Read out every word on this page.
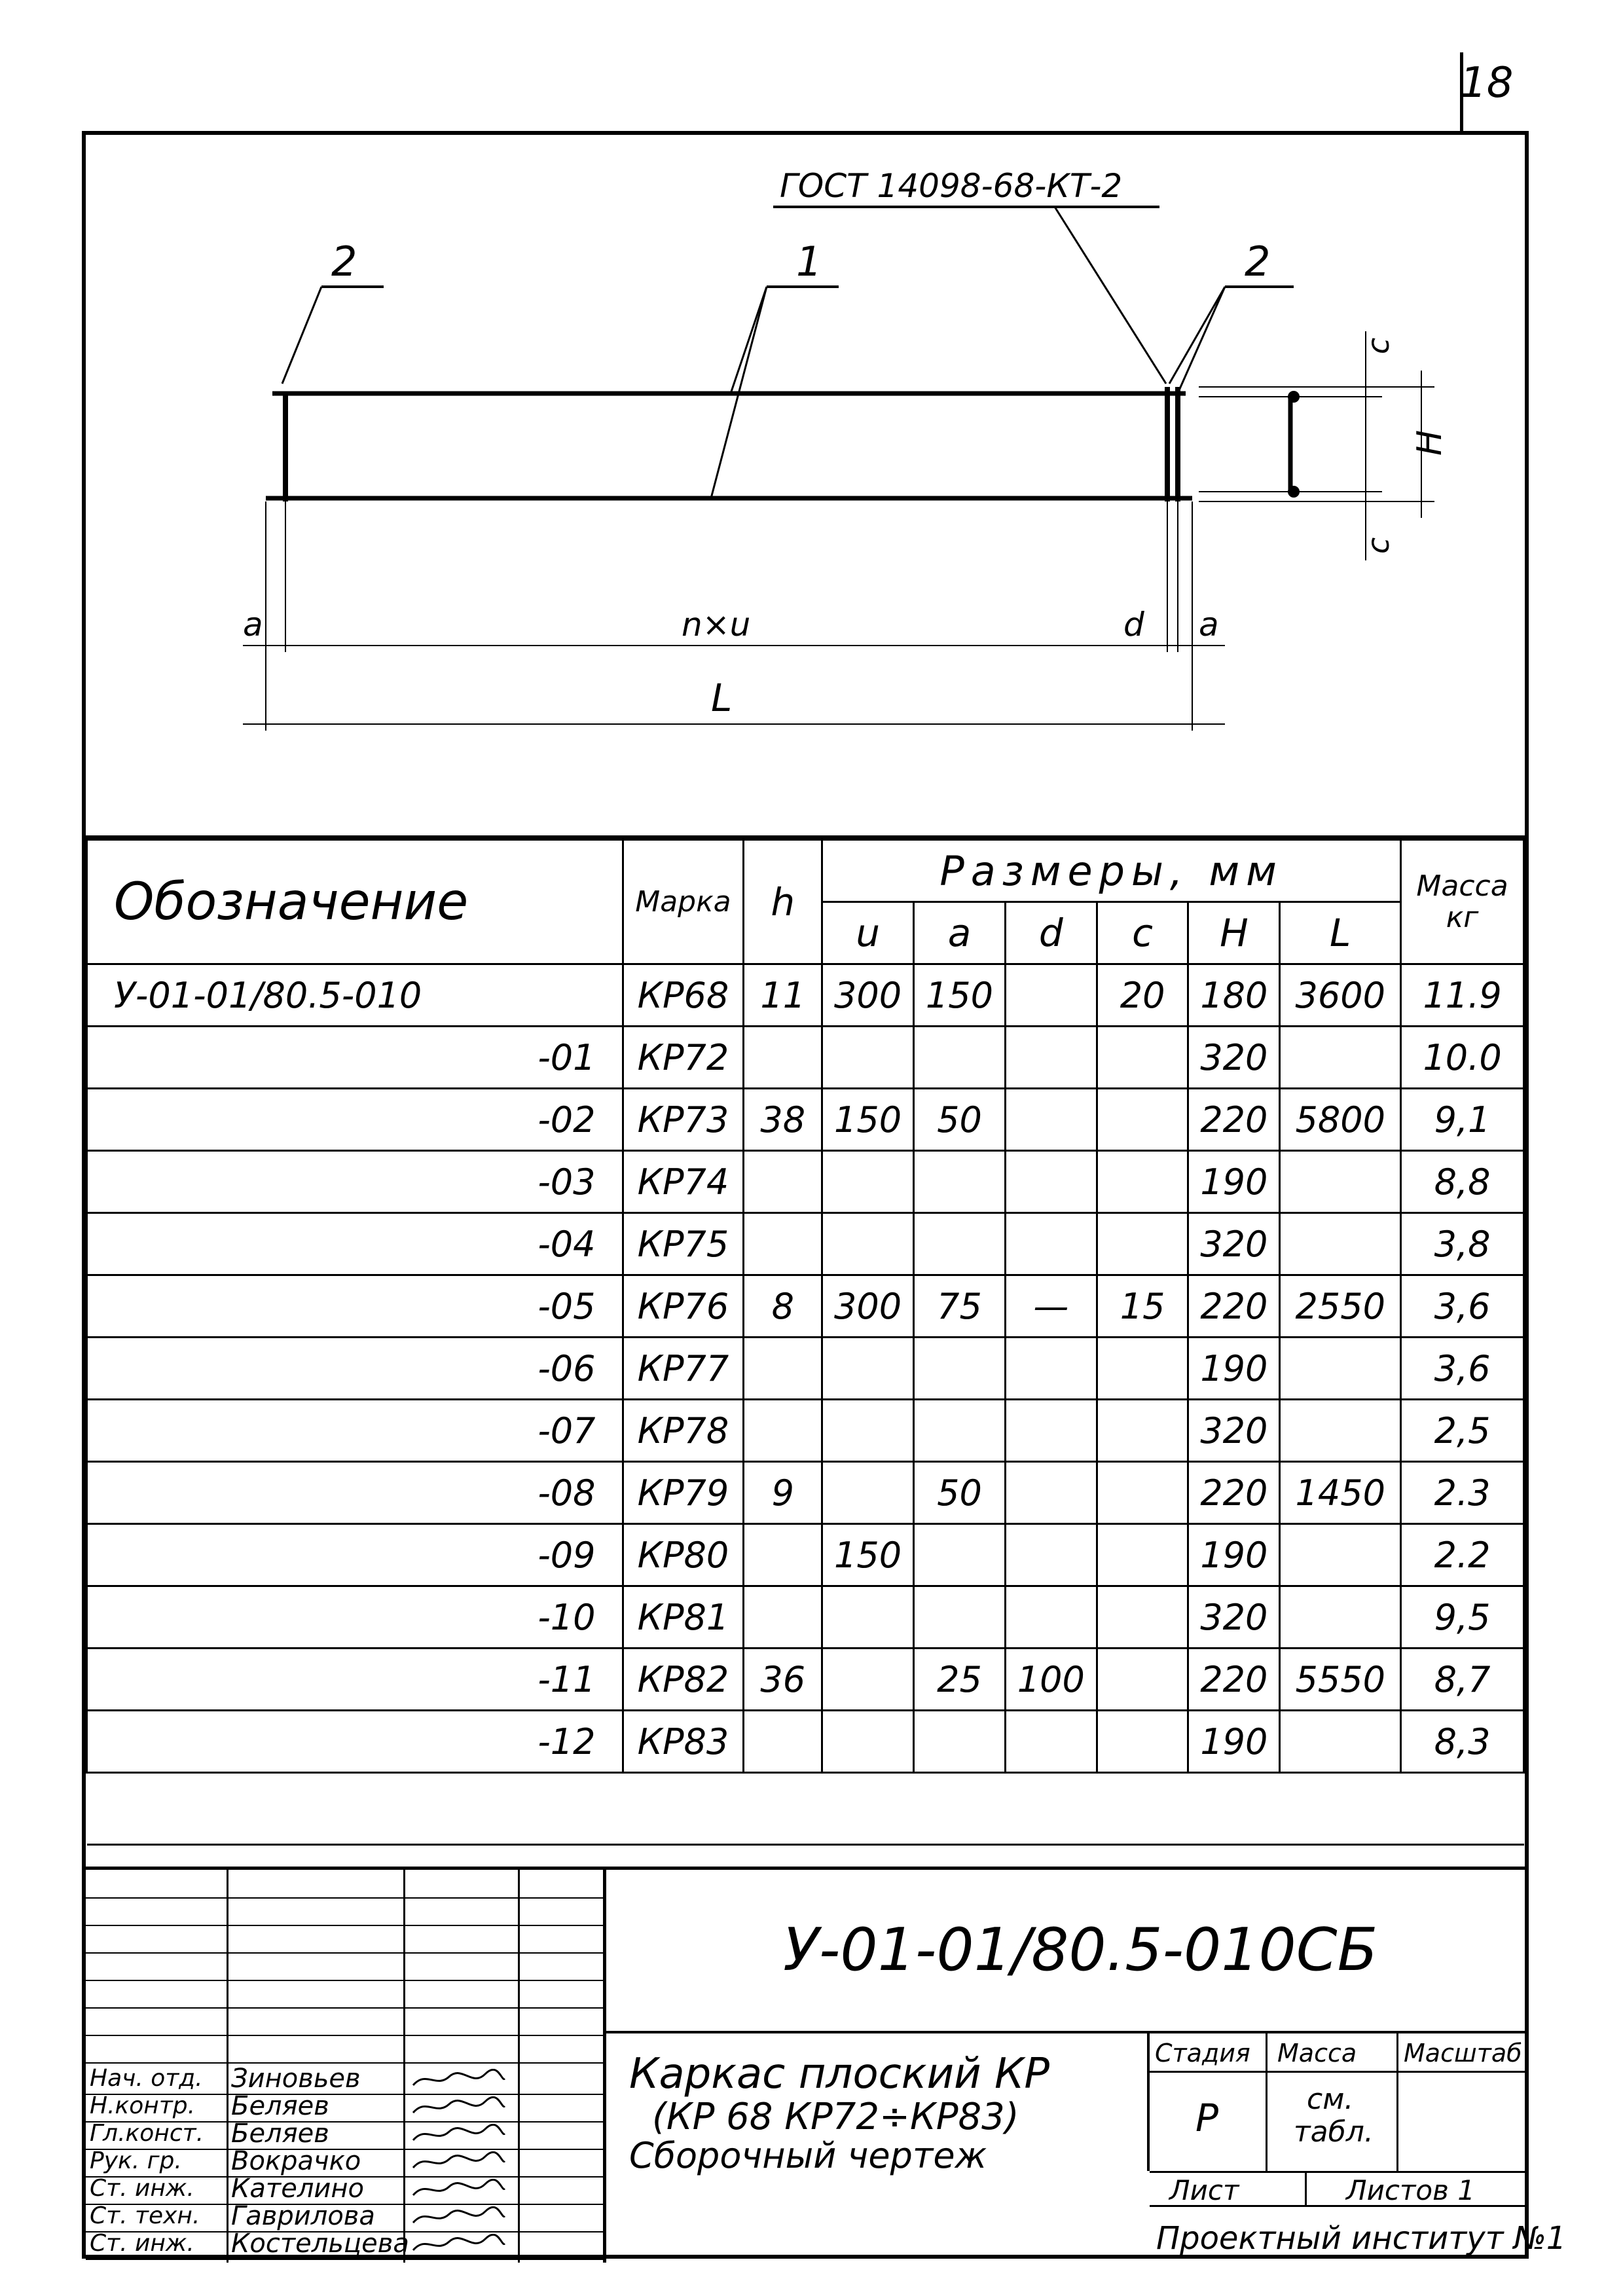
18
ГОСТ 14098-68-КТ-2
2	1	2
c
H
c
a	n×u	d a
L
Обозначение	Марка	h	Размеры, мм						Масса
кг
			u	a	d	c	H	L	
У-01-01/80.5-010	КР68	11	300	150		20	180	3600	11.9
-01	КР72						320		10.0
-02	КР73	38	150	50			220	5800	9,1
-03	КР74						190		8,8
-04	КР75						320		3,8
-05	КР76	8	300	75	—	15	220	2550	3,6
-06	КР77						190		3,6
-07	КР78						320		2,5
-08	КР79	9		50			220	1450	2.3
-09	КР80		150				190		2.2
-10	КР81						320		9,5
-11	КР82	36		25	100		220	5550	8,7
-12	КР83						190		8,3

Нач. отд. Зиновьев
Н.контр. Беляев
Гл.конст. Беляев
Рук. гр. Вокрачко
Ст. инж. Кателино
Ст. техн. Гаврилова
Ст. инж. Костельцева
У-01-01/80.5-010СБ
Каркас плоский КР
(КР 68 КР72÷КР83)
Сборочный чертеж
Стадия Масса Масштаб
Р	см.
табл.
Лист	Листов 1
Проектный институт №1
